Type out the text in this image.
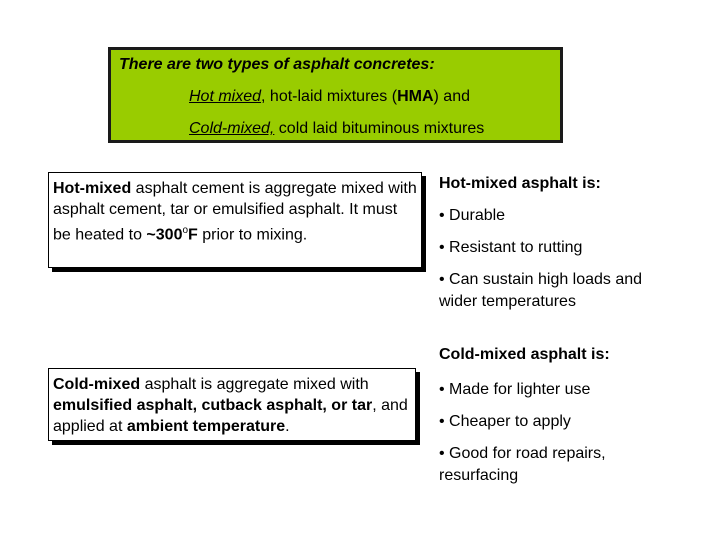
There are two types of asphalt concretes:
Hot mixed, hot-laid mixtures (HMA) and
Cold-mixed, cold laid bituminous mixtures
Hot-mixed asphalt cement is aggregate mixed with asphalt cement, tar or emulsified asphalt. It must be heated to ~300$^o$F prior to mixing.
Cold-mixed asphalt is aggregate mixed with emulsified asphalt, cutback asphalt, or tar, and applied at ambient temperature.
Hot-mixed asphalt is:
• Durable
• Resistant to rutting
• Can sustain high loads and wider temperatures
Cold-mixed asphalt is:
• Made for lighter use
• Cheaper to apply
• Good for road repairs, resurfacing
